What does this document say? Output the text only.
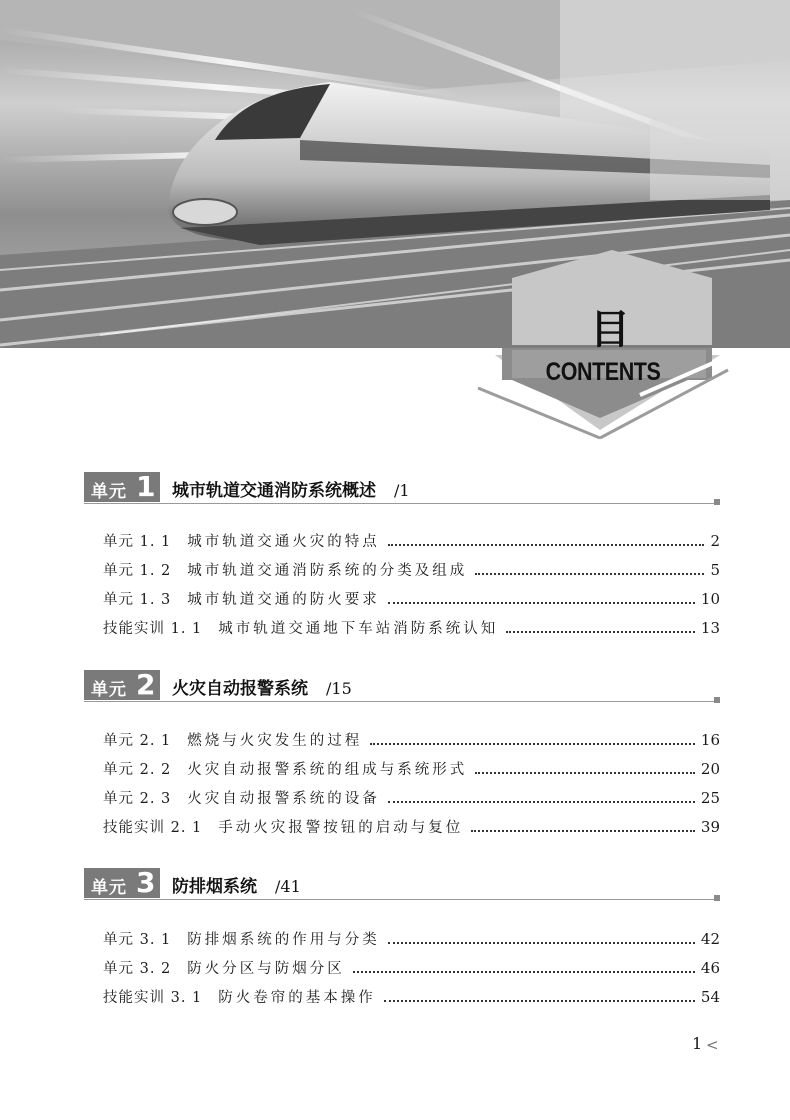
目
CONTENTS
单元 1 城市轨道交通消防系统概述 /1
单元 1. 1 城市轨道交通火灾的特点	2
单元 1. 2 城市轨道交通消防系统的分类及组成	5
单元 1. 3 城市轨道交通的防火要求	10
技能实训 1. 1 城市轨道交通地下车站消防系统认知	13
单元 2 火灾自动报警系统 /15
单元 2. 1 燃烧与火灾发生的过程	16
单元 2. 2 火灾自动报警系统的组成与系统形式	20
单元 2. 3 火灾自动报警系统的设备	25
技能实训 2. 1 手动火灾报警按钮的启动与复位	39
单元 3 防排烟系统 /41
单元 3. 1 防排烟系统的作用与分类	42
单元 3. 2 防火分区与防烟分区	46
技能实训 3. 1 防火卷帘的基本操作	54
1 <
